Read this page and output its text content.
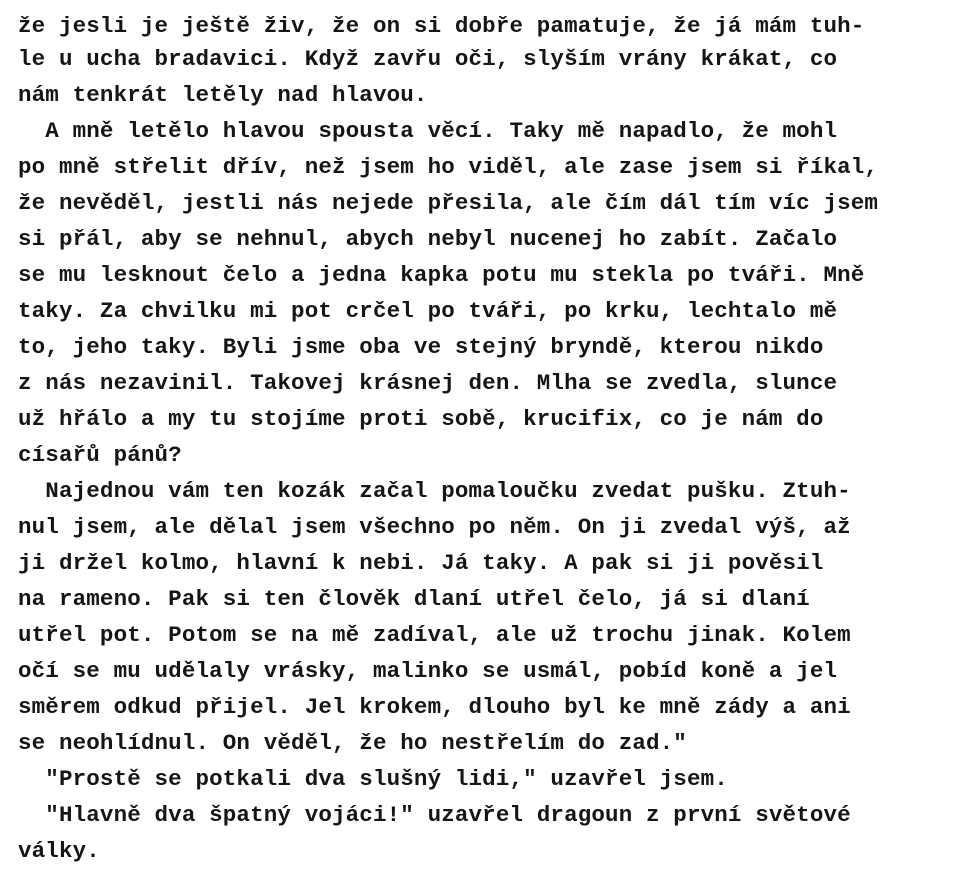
že jesli je ještě živ, že on si dobře pamatuje, že já mám tuh-
le u ucha bradavici. Když zavřu oči, slyším vrány krákat, co
nám tenkrát letěly nad hlavou.
A mně letělo hlavou spousta věcí. Taky mě napadlo, že mohl
po mně střelit dřív, než jsem ho viděl, ale zase jsem si říkal,
že nevěděl, jestli nás nejede přesila, ale čím dál tím víc jsem
si přál, aby se nehnul, abych nebyl nucenej ho zabít. Začalo
se mu lesknout čelo a jedna kapka potu mu stekla po tváři. Mně
taky. Za chvilku mi pot crčel po tváři, po krku, lechtalo mě
to, jeho taky. Byli jsme oba ve stejný bryndě, kterou nikdo
z nás nezavinil. Takovej krásnej den. Mlha se zvedla, slunce
už hřálo a my tu stojíme proti sobě, krucifix, co je nám do
císařů pánů?
Najednou vám ten kozák začal pomaloučku zvedat pušku. Ztuh-
nul jsem, ale dělal jsem všechno po něm. On ji zvedal výš, až
ji držel kolmo, hlavní k nebi. Já taky. A pak si ji pověsil
na rameno. Pak si ten člověk dlaní utřel čelo, já si dlaní
utřel pot. Potom se na mě zadíval, ale už trochu jinak. Kolem
očí se mu udělaly vrásky, malinko se usmál, pobíd koně a jel
směrem odkud přijel. Jel krokem, dlouho byl ke mně zády a ani
se neohlídnul. On věděl, že ho nestřelím do zad."
"Prostě se potkali dva slušný lidi," uzavřel jsem.
"Hlavně dva špatný vojáci!" uzavřel dragoun z první světové
války.
